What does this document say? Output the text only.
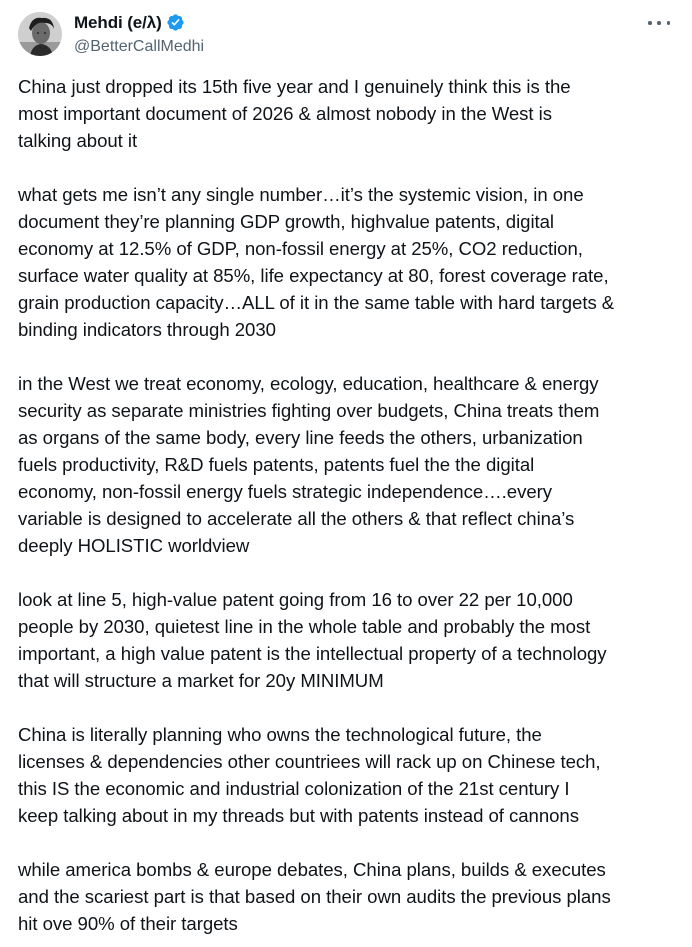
Mehdi (e/λ)
@BetterCallMedhi

China just dropped its 15th five year and I genuinely think this is the
most important document of 2026 & almost nobody in the West is
talking about it

what gets me isn’t any single number…it’s the systemic vision, in one
document they’re planning GDP growth, highvalue patents, digital
economy at 12.5% of GDP, non-fossil energy at 25%, CO2 reduction,
surface water quality at 85%, life expectancy at 80, forest coverage rate,
grain production capacity…ALL of it in the same table with hard targets &
binding indicators through 2030

in the West we treat economy, ecology, education, healthcare & energy
security as separate ministries fighting over budgets, China treats them
as organs of the same body, every line feeds the others, urbanization
fuels productivity, R&D fuels patents, patents fuel the the digital
economy, non-fossil energy fuels strategic independence….every
variable is designed to accelerate all the others & that reflect china’s
deeply HOLISTIC worldview

look at line 5, high-value patent going from 16 to over 22 per 10,000
people by 2030, quietest line in the whole table and probably the most
important, a high value patent is the intellectual property of a technology
that will structure a market for 20y MINIMUM

China is literally planning who owns the technological future, the
licenses & dependencies other countriees will rack up on Chinese tech,
this IS the economic and industrial colonization of the 21st century I
keep talking about in my threads but with patents instead of cannons

while america bombs & europe debates, China plans, builds & executes
and the scariest part is that based on their own audits the previous plans
hit ove 90% of their targets
